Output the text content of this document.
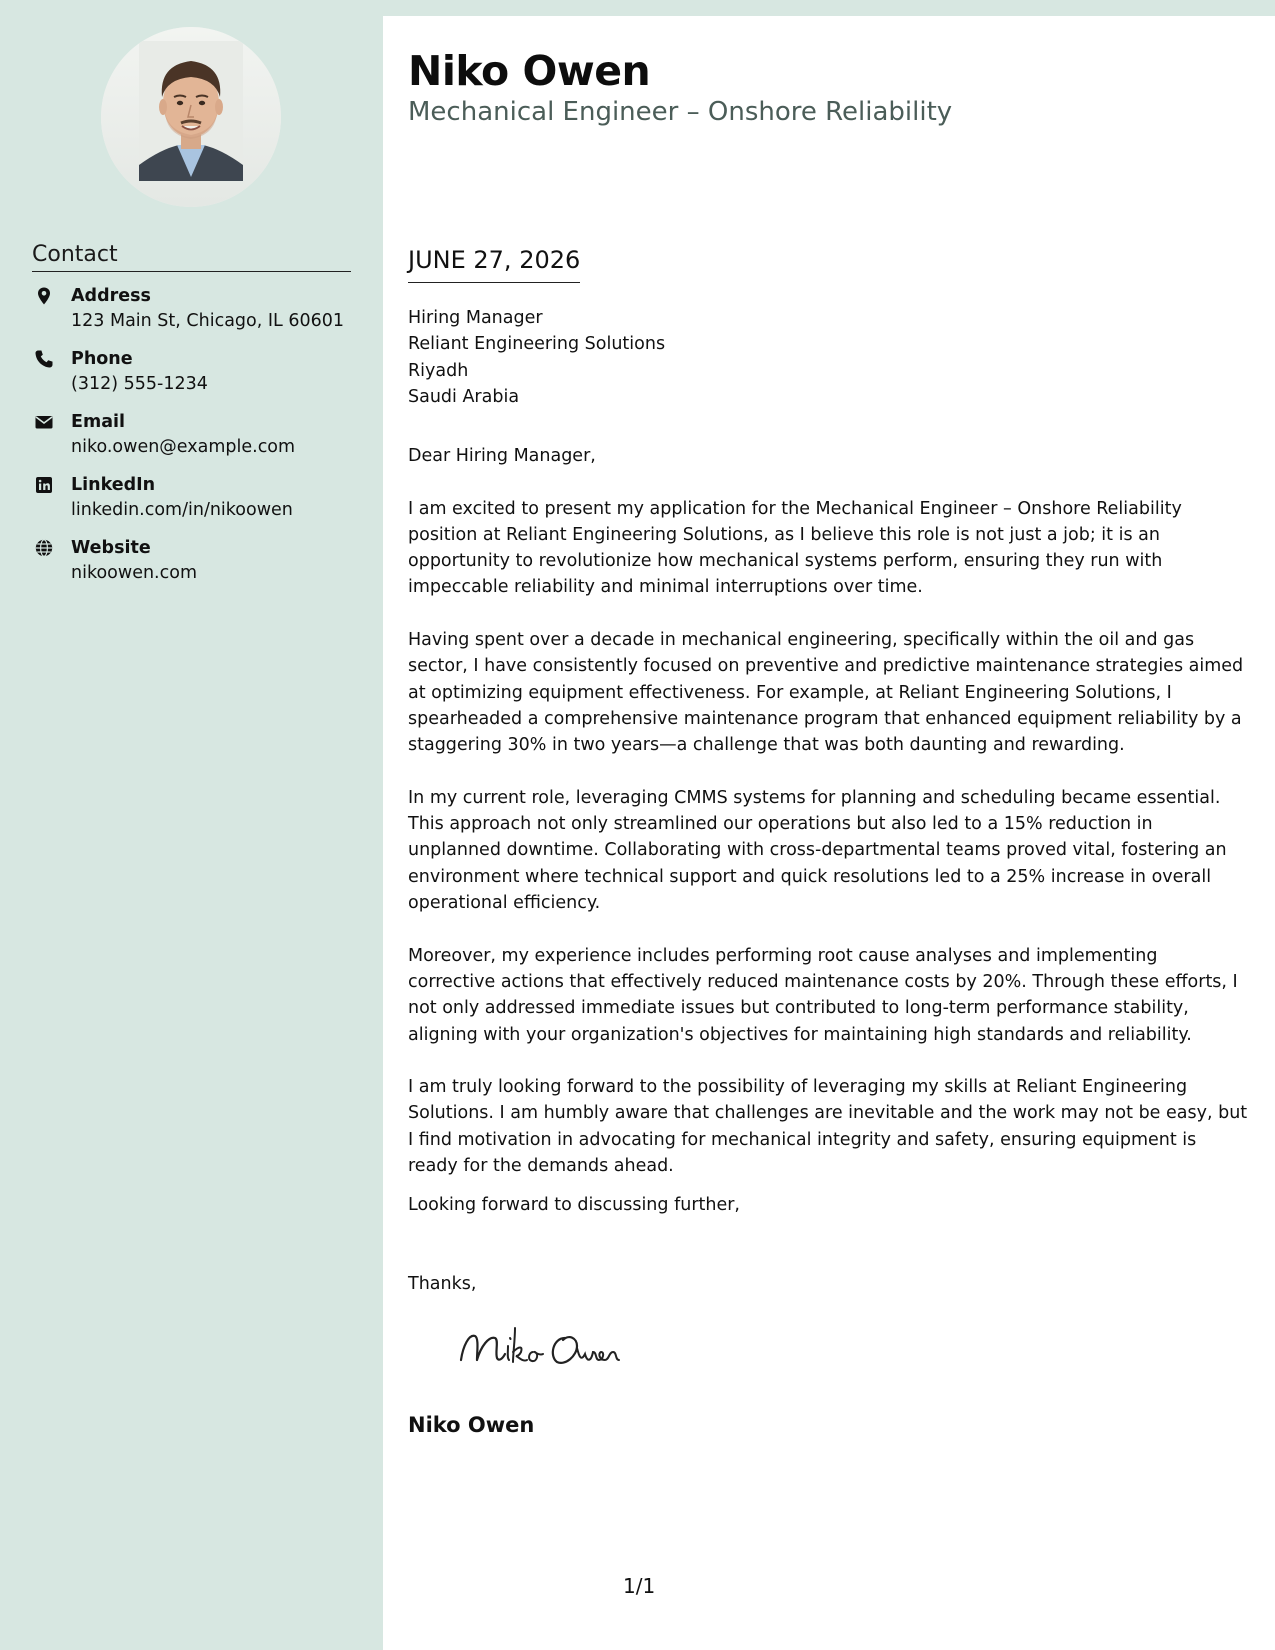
Contact
Address
123 Main St, Chicago, IL 60601
Phone
(312) 555-1234
Email
niko.owen@example.com
LinkedIn
linkedin.com/in/nikoowen
Website
nikoowen.com
Niko Owen
Mechanical Engineer – Onshore Reliability
JUNE 27, 2026
Hiring Manager
Reliant Engineering Solutions
Riyadh
Saudi Arabia

Dear Hiring Manager,

I am excited to present my application for the Mechanical Engineer – Onshore Reliability position at Reliant Engineering Solutions, as I believe this role is not just a job; it is an opportunity to revolutionize how mechanical systems perform, ensuring they run with impeccable reliability and minimal interruptions over time.

Having spent over a decade in mechanical engineering, specifically within the oil and gas sector, I have consistently focused on preventive and predictive maintenance strategies aimed at optimizing equipment effectiveness. For example, at Reliant Engineering Solutions, I spearheaded a comprehensive maintenance program that enhanced equipment reliability by a staggering 30% in two years—a challenge that was both daunting and rewarding.

In my current role, leveraging CMMS systems for planning and scheduling became essential. This approach not only streamlined our operations but also led to a 15% reduction in unplanned downtime. Collaborating with cross-departmental teams proved vital, fostering an environment where technical support and quick resolutions led to a 25% increase in overall operational efficiency.

Moreover, my experience includes performing root cause analyses and implementing corrective actions that effectively reduced maintenance costs by 20%. Through these efforts, I not only addressed immediate issues but contributed to long-term performance stability, aligning with your organization's objectives for maintaining high standards and reliability.

I am truly looking forward to the possibility of leveraging my skills at Reliant Engineering Solutions. I am humbly aware that challenges are inevitable and the work may not be easy, but I find motivation in advocating for mechanical integrity and safety, ensuring equipment is ready for the demands ahead.

Looking forward to discussing further,
Thanks,
Niko Owen
1/1
